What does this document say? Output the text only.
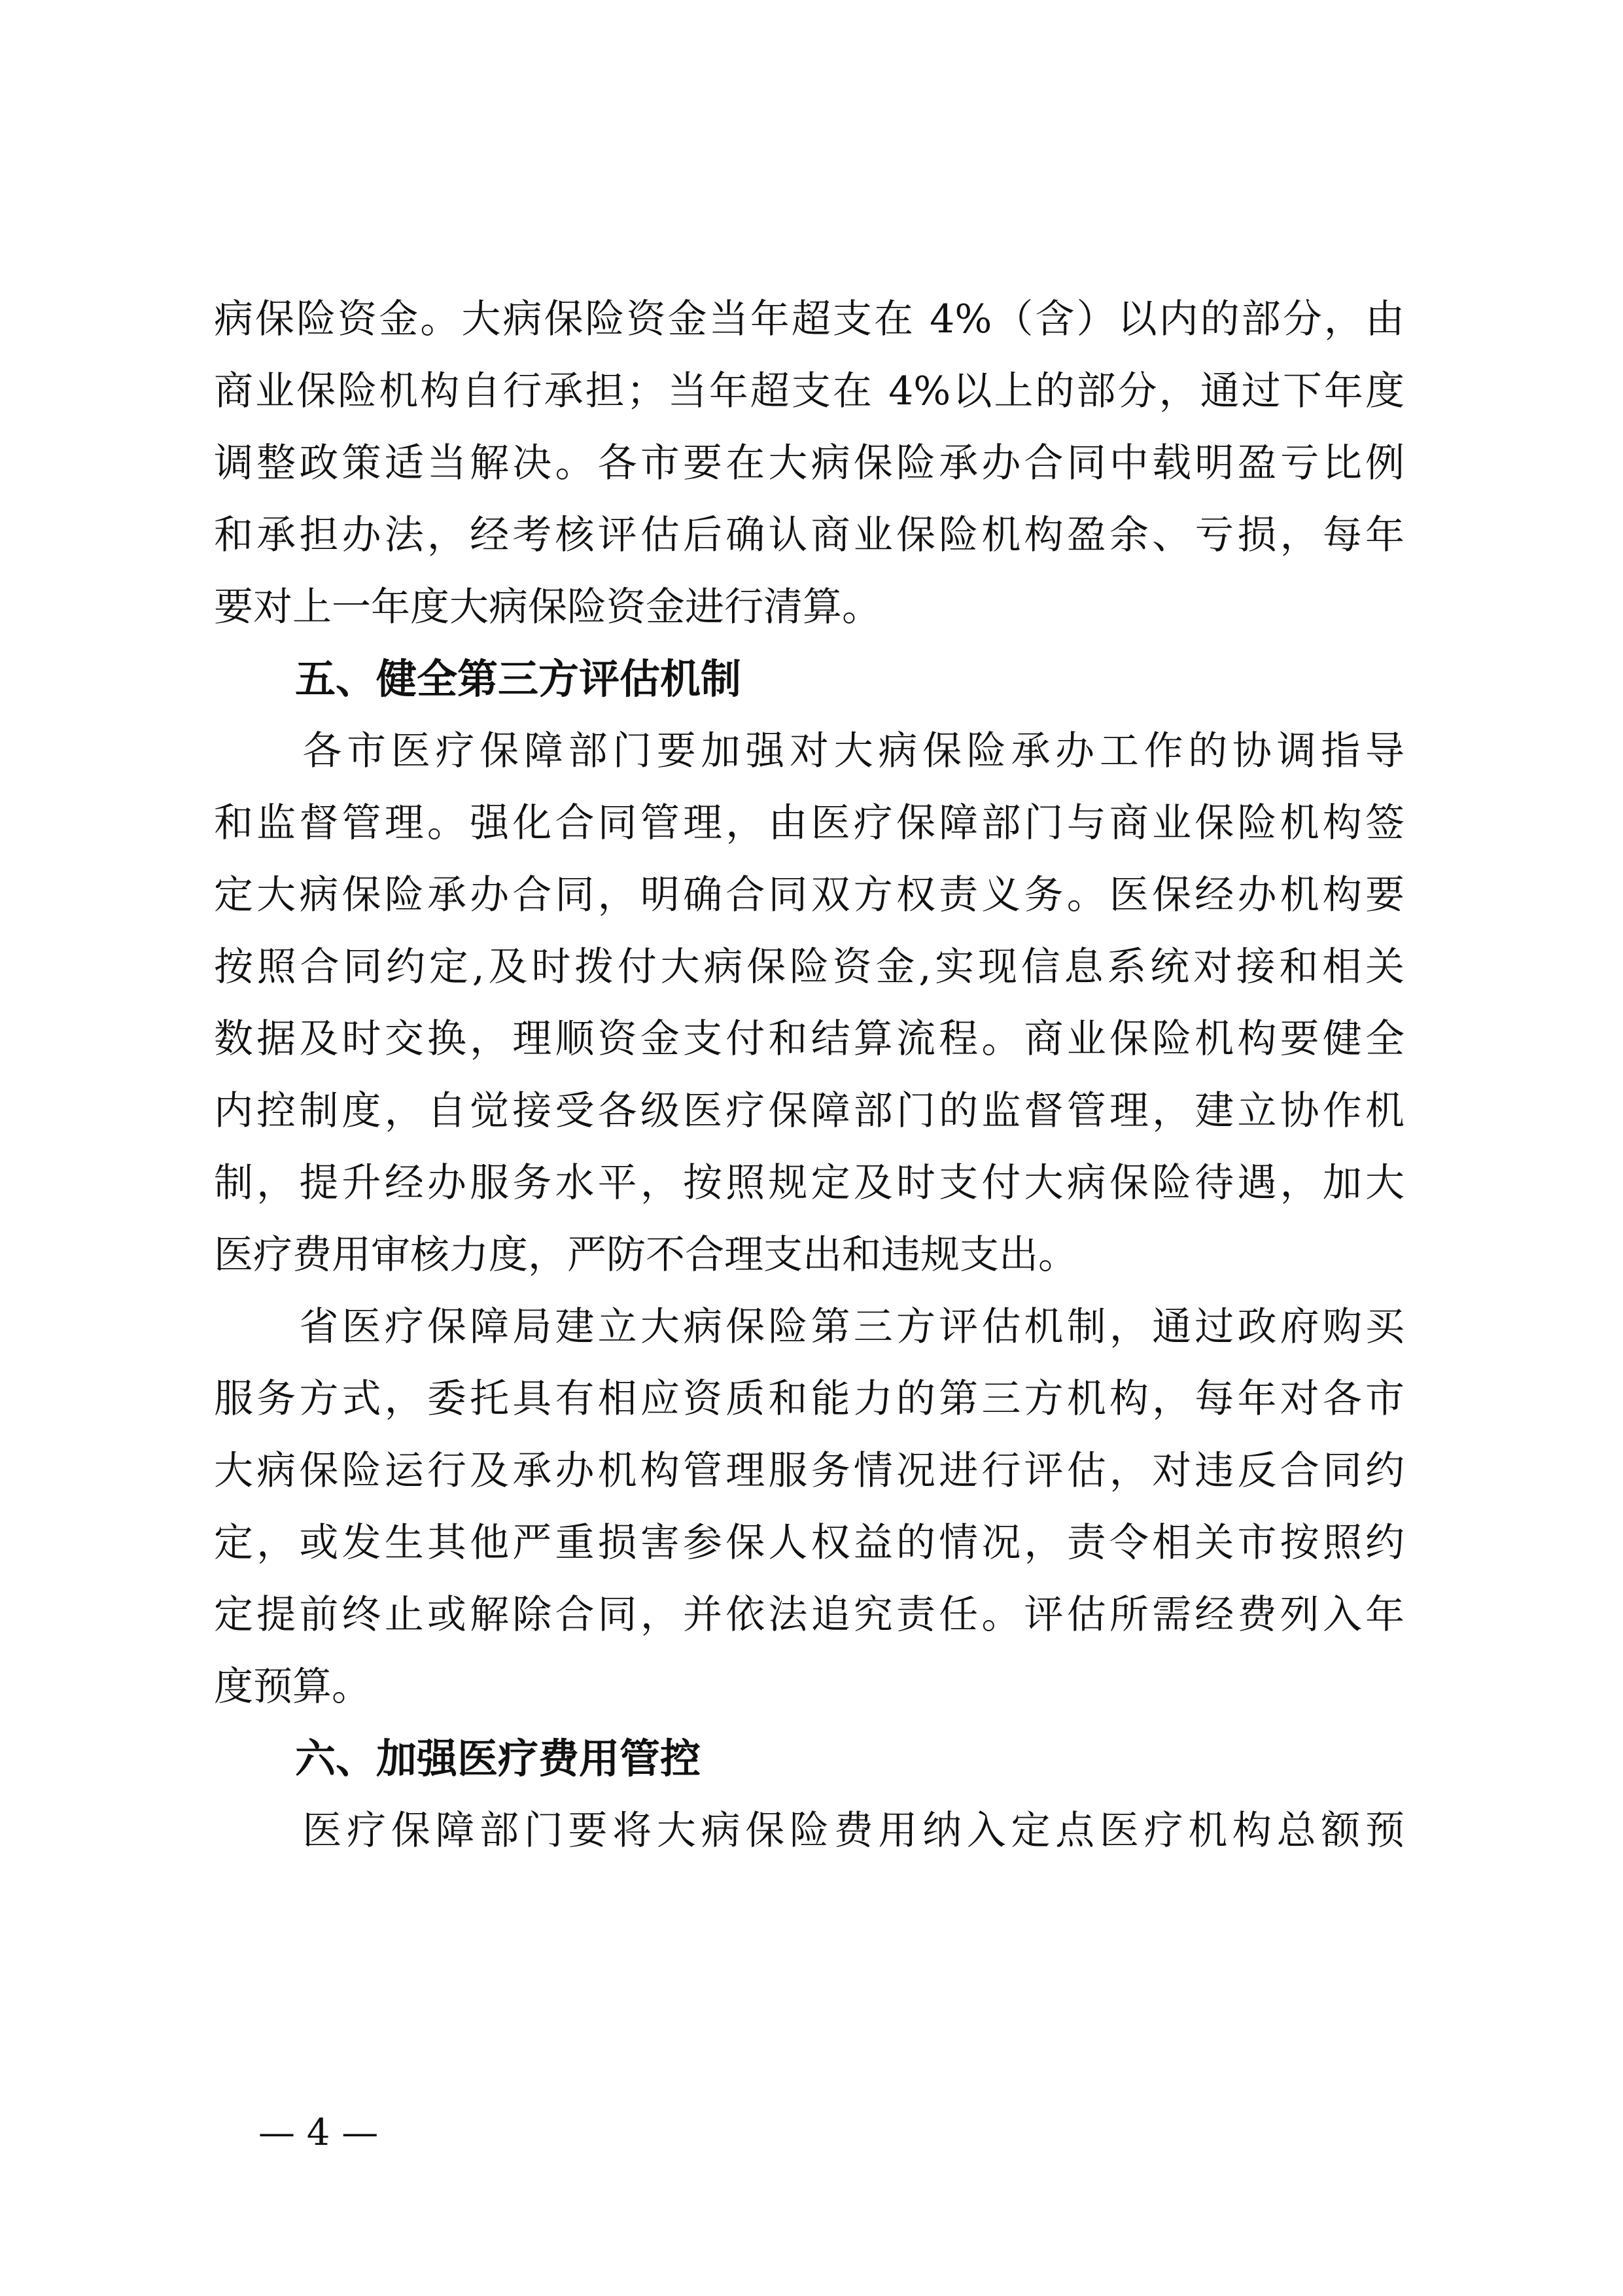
病保险资金。大病保险资金当年超支在 4%（含）以内的部分，由
商业保险机构自行承担；当年超支在 4%以上的部分，通过下年度
调整政策适当解决。各市要在大病保险承办合同中载明盈亏比例
和承担办法，经考核评估后确认商业保险机构盈余、亏损，每年
要对上一年度大病保险资金进行清算。
五、健全第三方评估机制
　　各市医疗保障部门要加强对大病保险承办工作的协调指导
和监督管理。强化合同管理，由医疗保障部门与商业保险机构签
定大病保险承办合同，明确合同双方权责义务。医保经办机构要
按照合同约定,及时拨付大病保险资金,实现信息系统对接和相关
数据及时交换，理顺资金支付和结算流程。商业保险机构要健全
内控制度，自觉接受各级医疗保障部门的监督管理，建立协作机
制，提升经办服务水平，按照规定及时支付大病保险待遇，加大
医疗费用审核力度，严防不合理支出和违规支出。
　　省医疗保障局建立大病保险第三方评估机制，通过政府购买
服务方式，委托具有相应资质和能力的第三方机构，每年对各市
大病保险运行及承办机构管理服务情况进行评估，对违反合同约
定，或发生其他严重损害参保人权益的情况，责令相关市按照约
定提前终止或解除合同，并依法追究责任。评估所需经费列入年
度预算。
六、加强医疗费用管控
　　医疗保障部门要将大病保险费用纳入定点医疗机构总额预
— 4 —
